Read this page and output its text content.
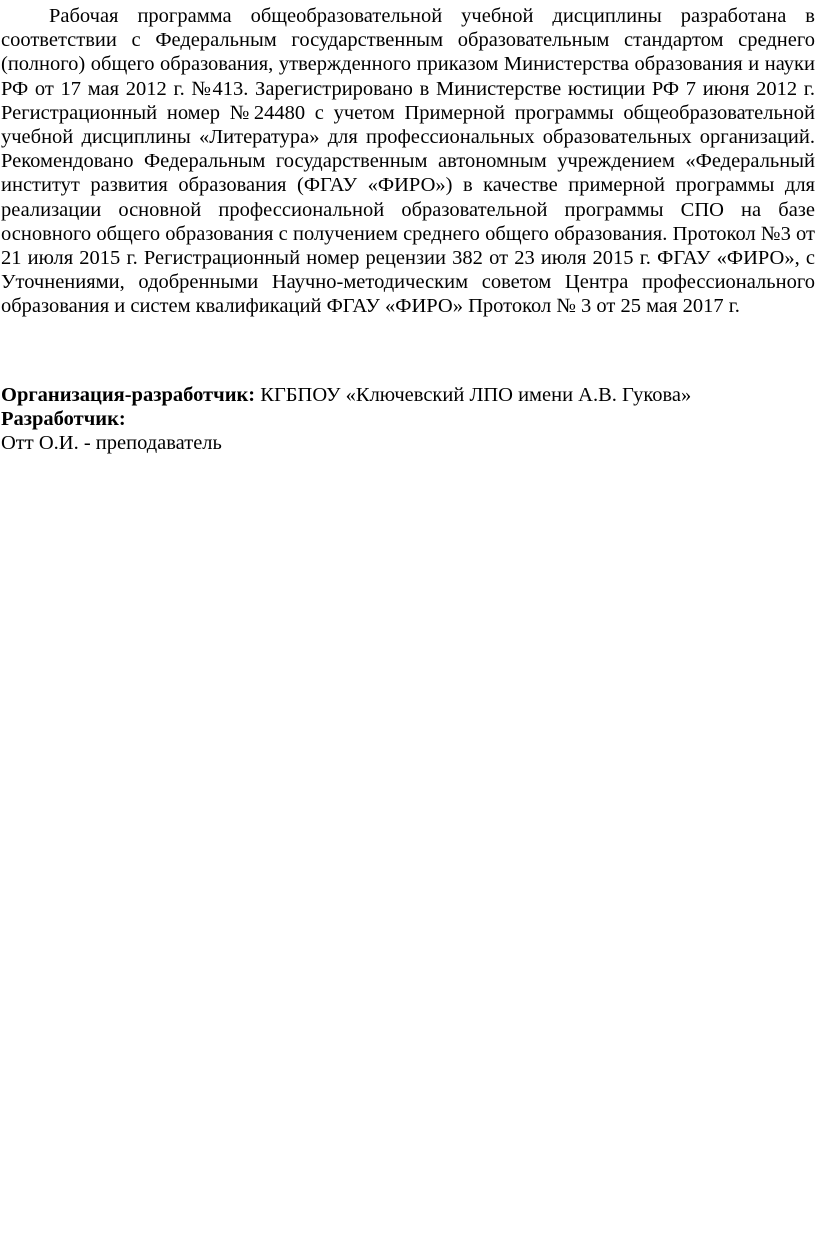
Рабочая программа общеобразовательной учебной дисциплины разработана в соответствии с Федеральным государственным образовательным стандартом среднего (полного) общего образования, утвержденного приказом Министерства образования и науки РФ от 17 мая 2012 г. №413. Зарегистрировано в Министерстве юстиции РФ 7 июня 2012 г. Регистрационный номер №24480 с учетом Примерной программы общеобразовательной учебной дисциплины «Литература» для профессиональных образовательных организаций. Рекомендовано Федеральным государственным автономным учреждением «Федеральный институт развития образования (ФГАУ «ФИРО») в качестве примерной программы для реализации основной профессиональной образовательной программы СПО на базе основного общего образования с получением среднего общего образования. Протокол №3 от 21 июля 2015 г. Регистрационный номер рецензии 382 от 23 июля 2015 г. ФГАУ «ФИРО», с Уточнениями, одобренными Научно-методическим советом Центра профессионального образования и систем квалификаций ФГАУ «ФИРО» Протокол № 3 от 25 мая 2017 г.

Организация-разработчик: КГБПОУ «Ключевский ЛПО имени А.В. Гукова»

Разработчик:

Отт О.И. - преподаватель
